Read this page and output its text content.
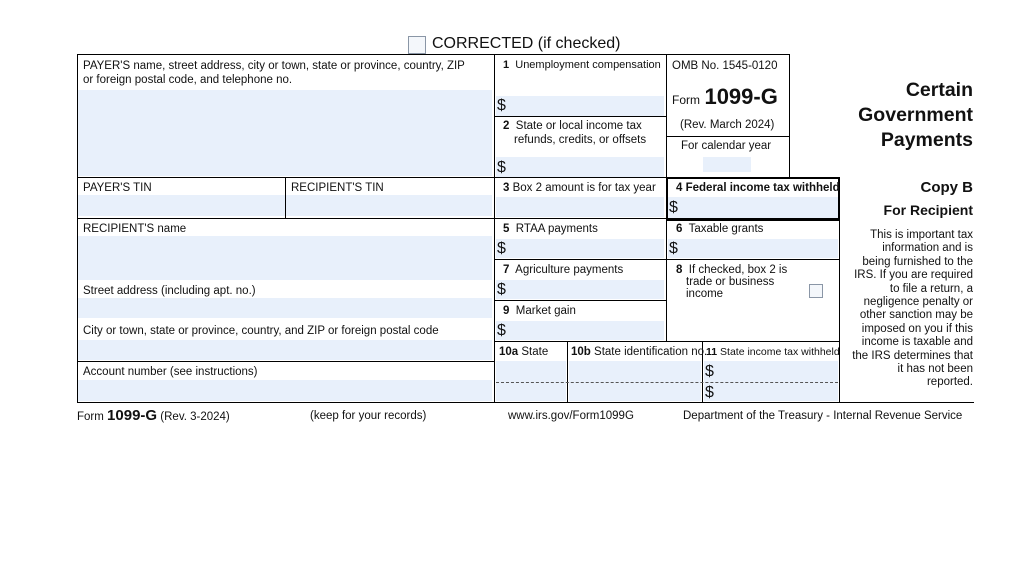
CORRECTED (if checked)
PAYER'S name, street address, city or town, state or province, country, ZIP
or foreign postal code, and telephone no.
PAYER'S TIN	RECIPIENT'S TIN
RECIPIENT'S name
Street address (including apt. no.)
City or town, state or province, country, and ZIP or foreign postal code
Account number (see instructions)
1 Unemployment compensation
$
2 State or local income tax
refunds, credits, or offsets
$
OMB No. 1545-0120
Form 1099-G
(Rev. March 2024)
For calendar year
Certain
Government
Payments
3 Box 2 amount is for tax year 4 Federal income tax withheld
$
Copy B
For Recipient
This is important tax
information and is
being furnished to the
IRS. If you are required
to file a return, a
negligence penalty or
other sanction may be
imposed on you if this
income is taxable and
the IRS determines that
it has not been
reported.
5 RTAA payments
$
6 Taxable grants
$
7 Agriculture payments
$
8 If checked, box 2 is
trade or business
income
9 Market gain
$
10a State 10b State identification no.
11 State income tax withheld
$
$
Form 1099-G (Rev. 3-2024)	(keep for your records)	www.irs.gov/Form1099G	Department of the Treasury - Internal Revenue Service
